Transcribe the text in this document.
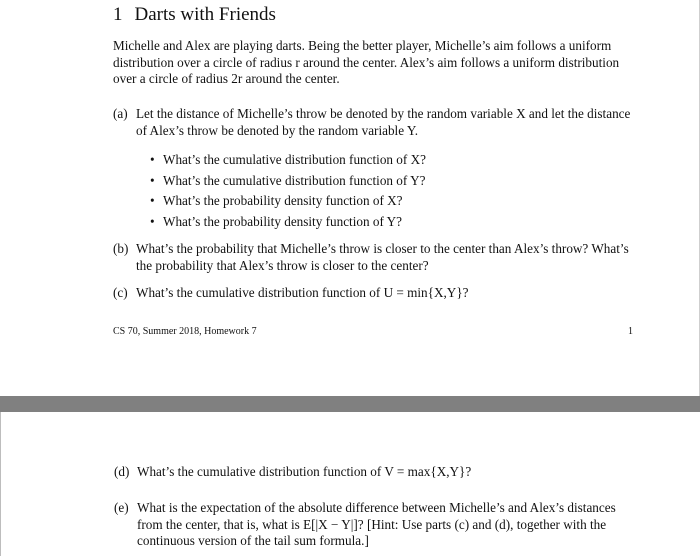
1 Darts with Friends
Michelle and Alex are playing darts. Being the better player, Michelle’s aim follows a uniform
distribution over a circle of radius r around the center. Alex’s aim follows a uniform distribution
over a circle of radius 2r around the center.
(a) Let the distance of Michelle’s throw be denoted by the random variable X and let the distance
of Alex’s throw be denoted by the random variable Y.
• What’s the cumulative distribution function of X?
• What’s the cumulative distribution function of Y?
• What’s the probability density function of X?
• What’s the probability density function of Y?
(b) What’s the probability that Michelle’s throw is closer to the center than Alex’s throw? What’s
the probability that Alex’s throw is closer to the center?
(c) What’s the cumulative distribution function of U = min{X,Y}?
CS 70, Summer 2018, Homework 7	1
(d) What’s the cumulative distribution function of V = max{X,Y}?
(e) What is the expectation of the absolute difference between Michelle’s and Alex’s distances
from the center, that is, what is E[|X − Y|]? [Hint: Use parts (c) and (d), together with the
continuous version of the tail sum formula.]
